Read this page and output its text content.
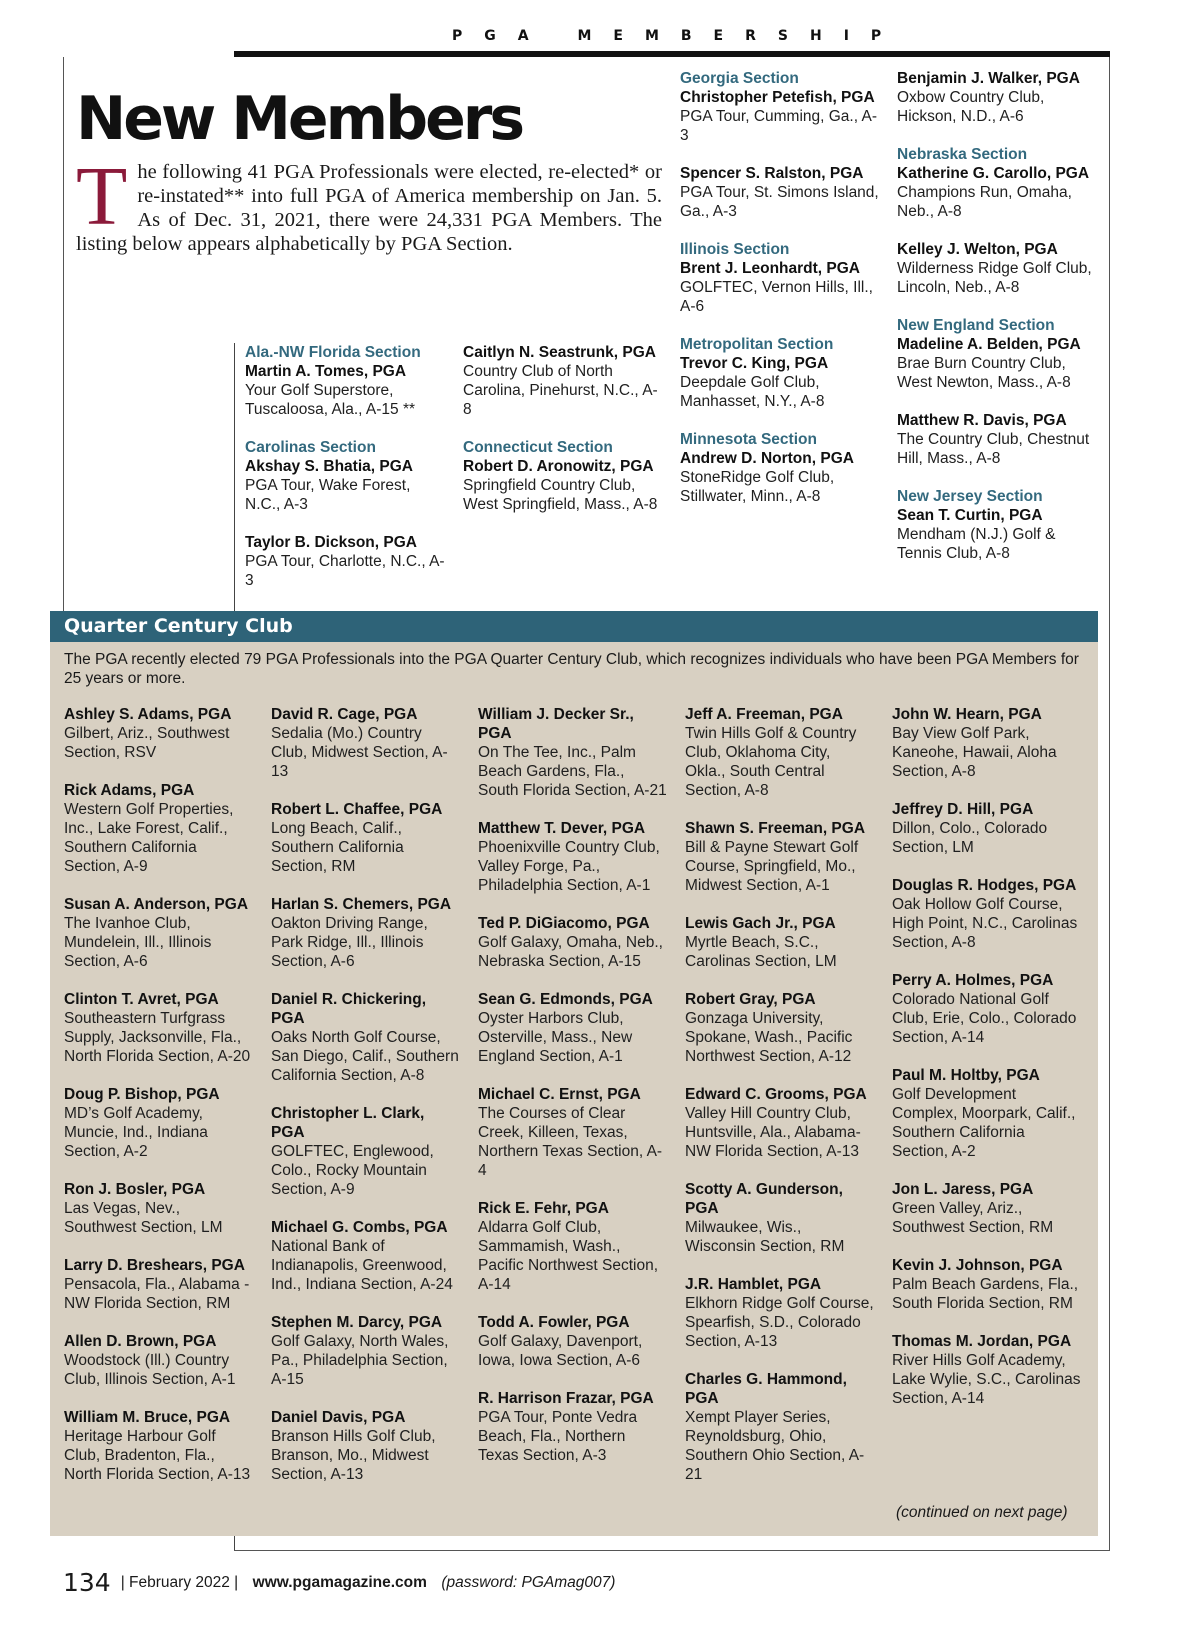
PGA MEMBERSHIP
New Members

The following 41 PGA Professionals were elected, re-elected* or re-instated** into full PGA of America membership on Jan. 5. As of Dec. 31, 2021, there were 24,331 PGA Members. The listing below appears alphabetically by PGA Section.

Ala.-NW Florida Section
Martin A. Tomes, PGA
Your Golf Superstore, Tuscaloosa, Ala., A-15 **
Carolinas Section
Akshay S. Bhatia, PGA
PGA Tour, Wake Forest, N.C., A-3
Taylor B. Dickson, PGA
PGA Tour, Charlotte, N.C., A-3
Caitlyn N. Seastrunk, PGA
Country Club of North Carolina, Pinehurst, N.C., A-8
Connecticut Section
Robert D. Aronowitz, PGA
Springfield Country Club, West Springfield, Mass., A-8
Georgia Section
Christopher Petefish, PGA
PGA Tour, Cumming, Ga., A-3
Spencer S. Ralston, PGA
PGA Tour, St. Simons Island, Ga., A-3
Illinois Section
Brent J. Leonhardt, PGA
GOLFTEC, Vernon Hills, Ill., A-6
Metropolitan Section
Trevor C. King, PGA
Deepdale Golf Club, Manhasset, N.Y., A-8
Minnesota Section
Andrew D. Norton, PGA
StoneRidge Golf Club, Stillwater, Minn., A-8
Benjamin J. Walker, PGA
Oxbow Country Club, Hickson, N.D., A-6
Nebraska Section
Katherine G. Carollo, PGA
Champions Run, Omaha, Neb., A-8
Kelley J. Welton, PGA
Wilderness Ridge Golf Club, Lincoln, Neb., A-8
New England Section
Madeline A. Belden, PGA
Brae Burn Country Club, West Newton, Mass., A-8
Matthew R. Davis, PGA
The Country Club, Chestnut Hill, Mass., A-8
New Jersey Section
Sean T. Curtin, PGA
Mendham (N.J.) Golf & Tennis Club, A-8
Quarter Century Club

The PGA recently elected 79 PGA Professionals into the PGA Quarter Century Club, which recognizes individuals who have been PGA Members for 25 years or more.

Ashley S. Adams, PGA
Gilbert, Ariz., Southwest Section, RSV
Rick Adams, PGA
Western Golf Properties, Inc., Lake Forest, Calif., Southern California Section, A-9
Susan A. Anderson, PGA
The Ivanhoe Club, Mundelein, Ill., Illinois Section, A-6
Clinton T. Avret, PGA
Southeastern Turfgrass Supply, Jacksonville, Fla., North Florida Section, A-20
Doug P. Bishop, PGA
MD’s Golf Academy, Muncie, Ind., Indiana Section, A-2
Ron J. Bosler, PGA
Las Vegas, Nev., Southwest Section, LM
Larry D. Breshears, PGA
Pensacola, Fla., Alabama - NW Florida Section, RM
Allen D. Brown, PGA
Woodstock (Ill.) Country Club, Illinois Section, A-1
William M. Bruce, PGA
Heritage Harbour Golf Club, Bradenton, Fla., North Florida Section, A-13
David R. Cage, PGA
Sedalia (Mo.) Country Club, Midwest Section, A-13
Robert L. Chaffee, PGA
Long Beach, Calif., Southern California Section, RM
Harlan S. Chemers, PGA
Oakton Driving Range, Park Ridge, Ill., Illinois Section, A-6
Daniel R. Chickering, PGA
Oaks North Golf Course, San Diego, Calif., Southern California Section, A-8
Christopher L. Clark, PGA
GOLFTEC, Englewood, Colo., Rocky Mountain Section, A-9
Michael G. Combs, PGA
National Bank of Indianapolis, Greenwood, Ind., Indiana Section, A-24
Stephen M. Darcy, PGA
Golf Galaxy, North Wales, Pa., Philadelphia Section, A-15
Daniel Davis, PGA
Branson Hills Golf Club, Branson, Mo., Midwest Section, A-13
William J. Decker Sr., PGA
On The Tee, Inc., Palm Beach Gardens, Fla., South Florida Section, A-21
Matthew T. Dever, PGA
Phoenixville Country Club, Valley Forge, Pa., Philadelphia Section, A-1
Ted P. DiGiacomo, PGA
Golf Galaxy, Omaha, Neb., Nebraska Section, A-15
Sean G. Edmonds, PGA
Oyster Harbors Club, Osterville, Mass., New England Section, A-1
Michael C. Ernst, PGA
The Courses of Clear Creek, Killeen, Texas, Northern Texas Section, A-4
Rick E. Fehr, PGA
Aldarra Golf Club, Sammamish, Wash., Pacific Northwest Section, A-14
Todd A. Fowler, PGA
Golf Galaxy, Davenport, Iowa, Iowa Section, A-6
R. Harrison Frazar, PGA
PGA Tour, Ponte Vedra Beach, Fla., Northern Texas Section, A-3
Jeff A. Freeman, PGA
Twin Hills Golf & Country Club, Oklahoma City, Okla., South Central Section, A-8
Shawn S. Freeman, PGA
Bill & Payne Stewart Golf Course, Springfield, Mo., Midwest Section, A-1
Lewis Gach Jr., PGA
Myrtle Beach, S.C., Carolinas Section, LM
Robert Gray, PGA
Gonzaga University, Spokane, Wash., Pacific Northwest Section, A-12
Edward C. Grooms, PGA
Valley Hill Country Club, Huntsville, Ala., Alabama-NW Florida Section, A-13
Scotty A. Gunderson, PGA
Milwaukee, Wis., Wisconsin Section, RM
J.R. Hamblet, PGA
Elkhorn Ridge Golf Course, Spearfish, S.D., Colorado Section, A-13
Charles G. Hammond, PGA
Xempt Player Series, Reynoldsburg, Ohio, Southern Ohio Section, A-21
John W. Hearn, PGA
Bay View Golf Park, Kaneohe, Hawaii, Aloha Section, A-8
Jeffrey D. Hill, PGA
Dillon, Colo., Colorado Section, LM
Douglas R. Hodges, PGA
Oak Hollow Golf Course, High Point, N.C., Carolinas Section, A-8
Perry A. Holmes, PGA
Colorado National Golf Club, Erie, Colo., Colorado Section, A-14
Paul M. Holtby, PGA
Golf Development Complex, Moorpark, Calif., Southern California Section, A-2
Jon L. Jaress, PGA
Green Valley, Ariz., Southwest Section, RM
Kevin J. Johnson, PGA
Palm Beach Gardens, Fla., South Florida Section, RM
Thomas M. Jordan, PGA
River Hills Golf Academy, Lake Wylie, S.C., Carolinas Section, A-14

(continued on next page)

134 | February 2022 | www.pgamagazine.com (password: PGAmag007)
